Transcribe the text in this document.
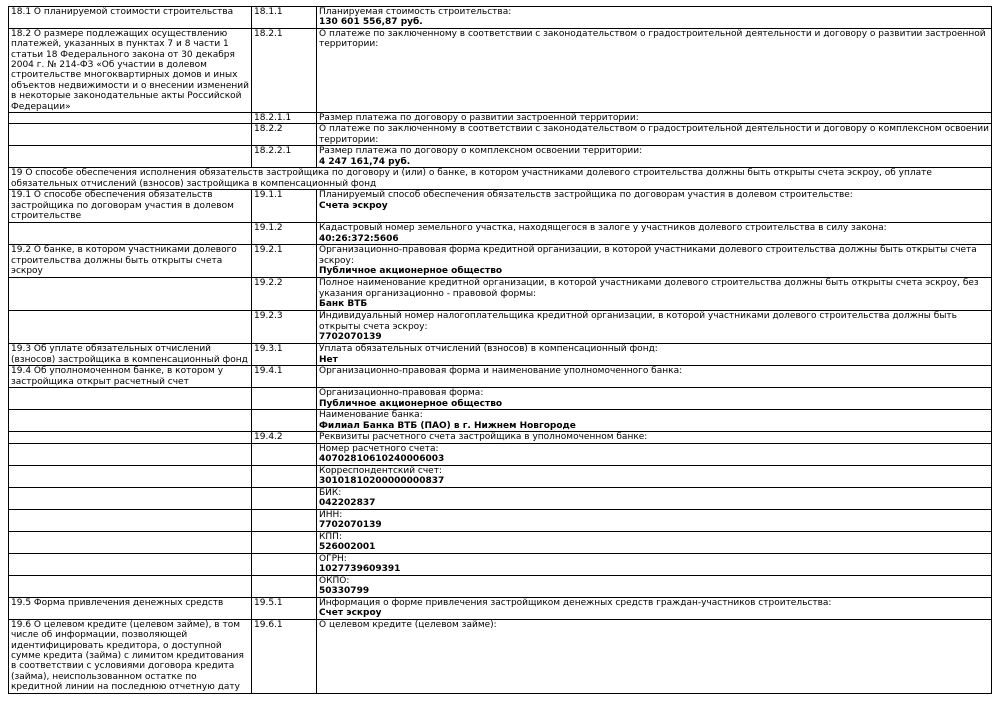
18.1 О планируемой стоимости строительства	18.1.1	Планируемая стоимость строительства:
130 601 556,87 руб.

18.2 О размере подлежащих осуществлению платежей, указанных в пунктах 7 и 8 части 1 статьи 18 Федерального закона от 30 декабря 2004 г. № 214-ФЗ «Об участии в долевом строительстве многоквартирных домов и иных объектов недвижимости и о внесении изменений в некоторые законодательные акты Российской Федерации»	18.2.1	О платеже по заключенному в соответствии с законодательством о градостроительной деятельности и договору о развитии застроенной территории:

	18.2.1.1	Размер платежа по договору о развитии застроенной территории:

	18.2.2	О платеже по заключенному в соответствии с законодательством о градостроительной деятельности и договору о комплексном освоении территории:

	18.2.2.1	Размер платежа по договору о комплексном освоении территории:
4 247 161,74 руб.

19 О способе обеспечения исполнения обязательств застройщика по договору и (или) о банке, в котором участниками долевого строительства должны быть открыты счета эскроу, об уплате обязательных отчислений (взносов) застройщика в компенсационный фонд		
19.1 О способе обеспечения обязательств застройщика по договорам участия в долевом строительстве	19.1.1	Планируемый способ обеспечения обязательств застройщика по договорам участия в долевом строительстве:
Счета эскроу

	19.1.2	Кадастровый номер земельного участка, находящегося в залоге у участников долевого строительства в силу закона:
40:26:372:5606

19.2 О банке, в котором участниками долевого строительства должны быть открыты счета эскроу	19.2.1	Организационно-правовая форма кредитной организации, в которой участниками долевого строительства должны быть открыты счета эскроу:
Публичное акционерное общество

	19.2.2	Полное наименование кредитной организации, в которой участниками долевого строительства должны быть открыты счета эскроу, без указания организационно - правовой формы:
Банк ВТБ

	19.2.3	Индивидуальный номер налогоплательщика кредитной организации, в которой участниками долевого строительства должны быть открыты счета эскроу:
7702070139

19.3 Об уплате обязательных отчислений (взносов) застройщика в компенсационный фонд	19.3.1	Уплата обязательных отчислений (взносов) в компенсационный фонд:
Нет

19.4 Об уполномоченном банке, в котором у застройщика открыт расчетный счет	19.4.1	Организационно-правовая форма и наименование уполномоченного банка:

		Организационно-правовая форма:
Публичное акционерное общество

		Наименование банка:
Филиал Банка ВТБ (ПАО) в г. Нижнем Новгороде

	19.4.2	Реквизиты расчетного счета застройщика в уполномоченном банке:

		Номер расчетного счета:
40702810610240006003

		Корреспондентский счет:
30101810200000000837

		БИК:
042202837

		ИНН:
7702070139

		КПП:
526002001

		ОГРН:
1027739609391

		ОКПО:
50330799

19.5 Форма привлечения денежных средств	19.5.1	Информация о форме привлечения застройщиком денежных средств граждан-участников строительства:
Счет эскроу

19.6 О целевом кредите (целевом займе), в том числе об информации, позволяющей идентифицировать кредитора, о доступной сумме кредита (займа) с лимитом кредитования в соответствии с условиями договора кредита (займа), неиспользованном остатке по кредитной линии на последнюю отчетную дату	19.6.1	О целевом кредите (целевом займе):
